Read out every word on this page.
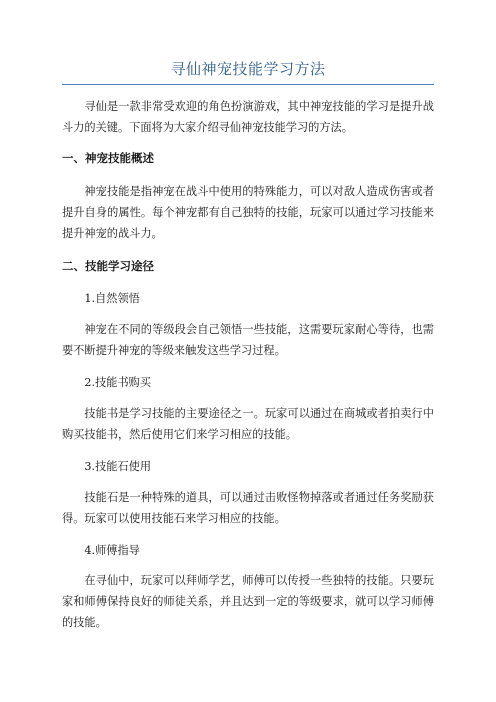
寻仙神宠技能学习方法
寻仙是一款非常受欢迎的角色扮演游戏，其中神宠技能的学习是提升战斗力的关键。下面将为大家介绍寻仙神宠技能学习的方法。
一、神宠技能概述
神宠技能是指神宠在战斗中使用的特殊能力，可以对敌人造成伤害或者提升自身的属性。每个神宠都有自己独特的技能，玩家可以通过学习技能来提升神宠的战斗力。
二、技能学习途径
1.自然领悟
神宠在不同的等级段会自己领悟一些技能，这需要玩家耐心等待，也需要不断提升神宠的等级来触发这些学习过程。
2.技能书购买
技能书是学习技能的主要途径之一。玩家可以通过在商城或者拍卖行中购买技能书，然后使用它们来学习相应的技能。
3.技能石使用
技能石是一种特殊的道具，可以通过击败怪物掉落或者通过任务奖励获得。玩家可以使用技能石来学习相应的技能。
4.师傅指导
在寻仙中，玩家可以拜师学艺，师傅可以传授一些独特的技能。只要玩家和师傅保持良好的师徒关系，并且达到一定的等级要求，就可以学习师傅的技能。
